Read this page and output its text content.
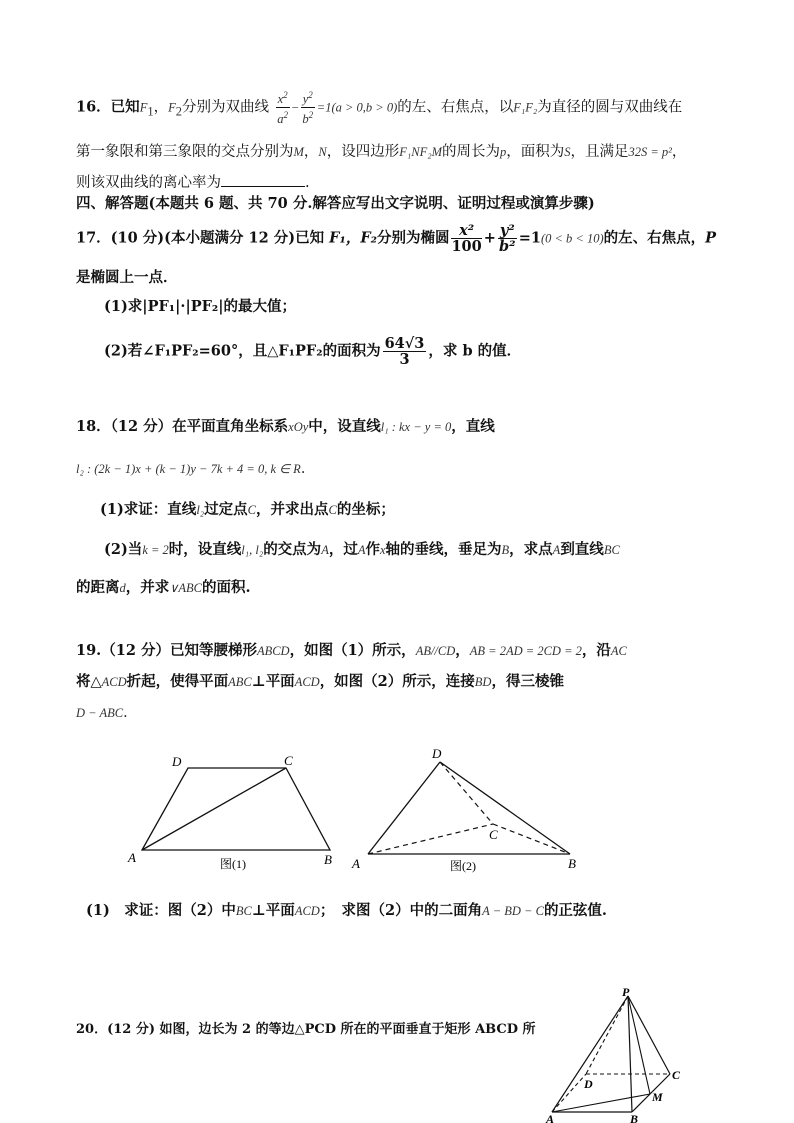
16．已知$F_1$，$F_2$分别为双曲线 $\frac{x^2}{a^2} - \frac{y^2}{b^2} =1(a > 0,b > 0)$的左、右焦点，以F₁F₂为直径的圆与双曲线在
第一象限和第三象限的交点分别为M，N，设四边形F₁NF₂M的周长为p，面积为S，且满足32S = p²，
则该双曲线的离心率为	.
四、解答题(本题共 6 题、共 70 分.解答应写出文字说明、证明过程或演算步骤)
17．(10 分)(本小题满分 12 分)已知 F₁，F₂分别为椭圆 $\frac{\text{x²}}{100} + \frac{\text{y²}}{\text{b²}} =1(0 < b < 10)$的左、右焦点，P
是椭圆上一点．
(1)求|PF₁|·|PF₂|的最大值；
(2)若∠F₁PF₂=60°，且△F₁PF₂的面积为 $\frac{64√3}{3}$ ，求 b 的值．
18．（12 分）在平面直角坐标系xOy中，设直线l₁ : kx − y = 0，直线
l₂ : (2k − 1)x + (k − 1)y − 7k + 4 = 0, k ∈ R．
(1)求证：直线l₂过定点C，并求出点C的坐标；
(2)当k = 2时，设直线l₁, l₂的交点为A，过A作x轴的垂线，垂足为B，求点A到直线BC
的距离d，并求∨ABC的面积.
19.（12 分）已知等腰梯形ABCD，如图（1）所示，AB//CD，AB = 2AD = 2CD = 2，沿AC
将△ACD折起，使得平面ABC⊥平面ACD，如图（2）所示，连接BD，得三棱锥
D − ABC．
D	C
A	B
图(1)
D
C
A	B
图(2)
(1)　求证：图（2）中BC⊥平面ACD；　求图（2）中的二面角A − BD − C的正弦值.
20．(12 分) 如图，边长为 2 的等边△PCD 所在的平面垂直于矩形 ABCD 所
P
D
C
M
A	B
